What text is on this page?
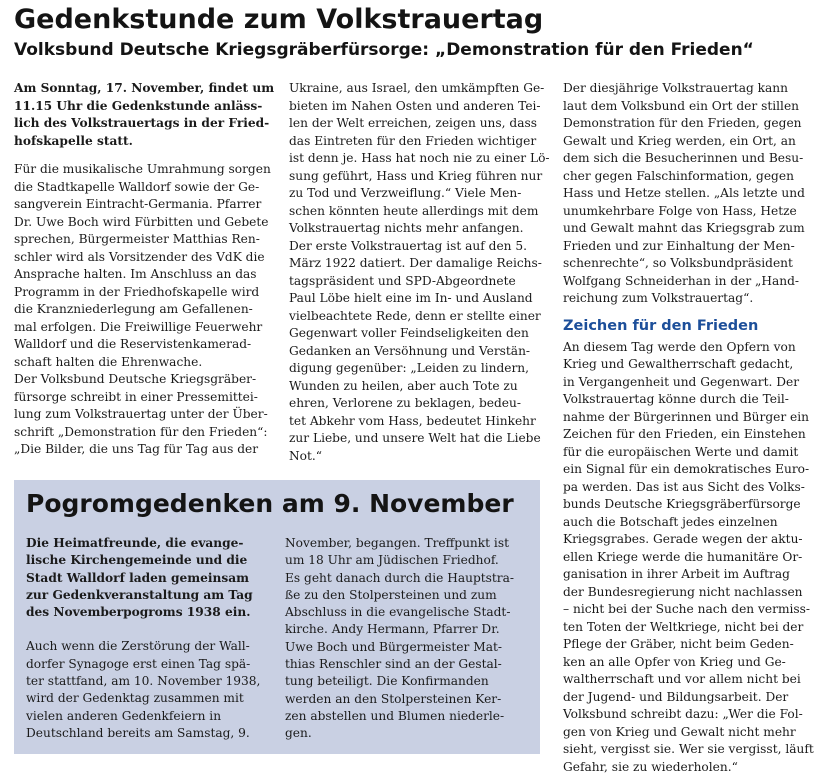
Gedenkstunde zum Volkstrauertag
Volksbund Deutsche Kriegsgräberfürsorge: „Demonstration für den Frieden“

Am Sonntag, 17. November, findet um
11.15 Uhr die Gedenkstunde anläss-
lich des Volkstrauertags in der Fried-
hofskapelle statt.

Für die musikalische Umrahmung sorgen
die Stadtkapelle Walldorf sowie der Ge-
sangverein Eintracht-Germania. Pfarrer
Dr. Uwe Boch wird Fürbitten und Gebete
sprechen, Bürgermeister Matthias Ren-
schler wird als Vorsitzender des VdK die
Ansprache halten. Im Anschluss an das
Programm in der Friedhofskapelle wird
die Kranzniederlegung am Gefallenen-
mal erfolgen. Die Freiwillige Feuerwehr
Walldorf und die Reservistenkamerad-
schaft halten die Ehrenwache.
Der Volksbund Deutsche Kriegsgräber-
fürsorge schreibt in einer Pressemittei-
lung zum Volkstrauertag unter der Über-
schrift „Demonstration für den Frieden“:
„Die Bilder, die uns Tag für Tag aus der

Ukraine, aus Israel, den umkämpften Ge-
bieten im Nahen Osten und anderen Tei-
len der Welt erreichen, zeigen uns, dass
das Eintreten für den Frieden wichtiger
ist denn je. Hass hat noch nie zu einer Lö-
sung geführt, Hass und Krieg führen nur
zu Tod und Verzweiflung.“ Viele Men-
schen könnten heute allerdings mit dem
Volkstrauertag nichts mehr anfangen.
Der erste Volkstrauertag ist auf den 5.
März 1922 datiert. Der damalige Reichs-
tagspräsident und SPD-Abgeordnete
Paul Löbe hielt eine im In- und Ausland
vielbeachtete Rede, denn er stellte einer
Gegenwart voller Feindseligkeiten den
Gedanken an Versöhnung und Verstän-
digung gegenüber: „Leiden zu lindern,
Wunden zu heilen, aber auch Tote zu
ehren, Verlorene zu beklagen, bedeu-
tet Abkehr vom Hass, bedeutet Hinkehr
zur Liebe, und unsere Welt hat die Liebe
Not.“

Der diesjährige Volkstrauertag kann
laut dem Volksbund ein Ort der stillen
Demonstration für den Frieden, gegen
Gewalt und Krieg werden, ein Ort, an
dem sich die Besucherinnen und Besu-
cher gegen Falschinformation, gegen
Hass und Hetze stellen. „Als letzte und
unumkehrbare Folge von Hass, Hetze
und Gewalt mahnt das Kriegsgrab zum
Frieden und zur Einhaltung der Men-
schenrechte“, so Volksbundpräsident
Wolfgang Schneiderhan in der „Hand-
reichung zum Volkstrauertag“.

Zeichen für den Frieden

An diesem Tag werde den Opfern von
Krieg und Gewaltherrschaft gedacht,
in Vergangenheit und Gegenwart. Der
Volkstrauertag könne durch die Teil-
nahme der Bürgerinnen und Bürger ein
Zeichen für den Frieden, ein Einstehen
für die europäischen Werte und damit
ein Signal für ein demokratisches Euro-
pa werden. Das ist aus Sicht des Volks-
bunds Deutsche Kriegsgräberfürsorge
auch die Botschaft jedes einzelnen
Kriegsgrabes. Gerade wegen der aktu-
ellen Kriege werde die humanitäre Or-
ganisation in ihrer Arbeit im Auftrag
der Bundesregierung nicht nachlassen
– nicht bei der Suche nach den vermiss-
ten Toten der Weltkriege, nicht bei der
Pflege der Gräber, nicht beim Geden-
ken an alle Opfer von Krieg und Ge-
waltherrschaft und vor allem nicht bei
der Jugend- und Bildungsarbeit. Der
Volksbund schreibt dazu: „Wer die Fol-
gen von Krieg und Gewalt nicht mehr
sieht, vergisst sie. Wer sie vergisst, läuft
Gefahr, sie zu wiederholen.“

Pogromgedenken am 9. November

Die Heimatfreunde, die evange-
lische Kirchengemeinde und die
Stadt Walldorf laden gemeinsam
zur Gedenkveranstaltung am Tag
des Novemberpogroms 1938 ein.

Auch wenn die Zerstörung der Wall-
dorfer Synagoge erst einen Tag spä-
ter stattfand, am 10. November 1938,
wird der Gedenktag zusammen mit
vielen anderen Gedenkfeiern in
Deutschland bereits am Samstag, 9.

November, begangen. Treffpunkt ist
um 18 Uhr am Jüdischen Friedhof.
Es geht danach durch die Hauptstra-
ße zu den Stolpersteinen und zum
Abschluss in die evangelische Stadt-
kirche. Andy Hermann, Pfarrer Dr.
Uwe Boch und Bürgermeister Mat-
thias Renschler sind an der Gestal-
tung beteiligt. Die Konfirmanden
werden an den Stolpersteinen Ker-
zen abstellen und Blumen niederle-
gen.
